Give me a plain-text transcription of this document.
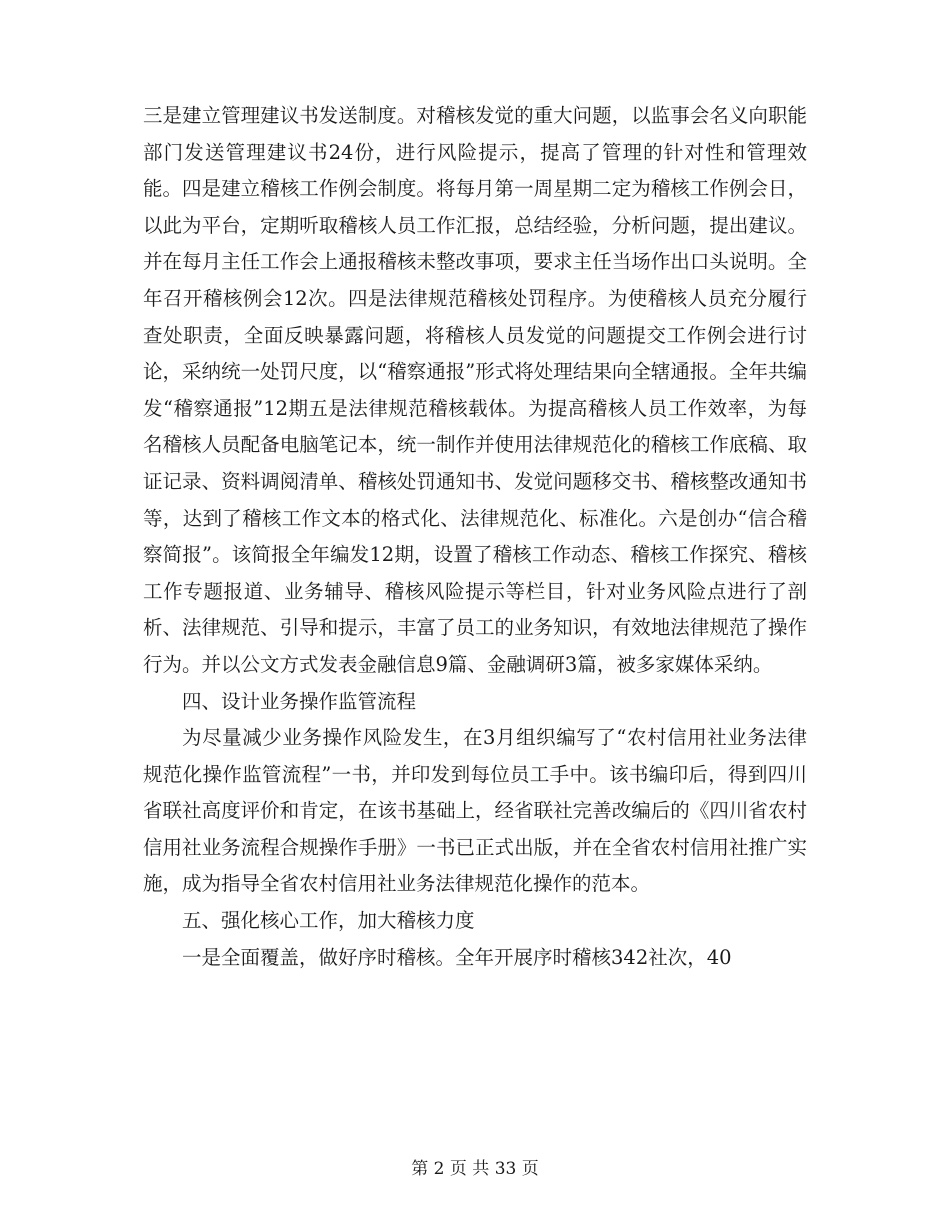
三是建立管理建议书发送制度。对稽核发觉的重大问题，以监事会名义向职能部门发送管理建议书24份，进行风险提示，提高了管理的针对性和管理效能。四是建立稽核工作例会制度。将每月第一周星期二定为稽核工作例会日，以此为平台，定期听取稽核人员工作汇报，总结经验，分析问题，提出建议。并在每月主任工作会上通报稽核未整改事项，要求主任当场作出口头说明。全年召开稽核例会12次。四是法律规范稽核处罚程序。为使稽核人员充分履行查处职责，全面反映暴露问题，将稽核人员发觉的问题提交工作例会进行讨论，采纳统一处罚尺度，以“稽察通报”形式将处理结果向全辖通报。全年共编发“稽察通报”12期五是法律规范稽核载体。为提高稽核人员工作效率，为每名稽核人员配备电脑笔记本，统一制作并使用法律规范化的稽核工作底稿、取证记录、资料调阅清单、稽核处罚通知书、发觉问题移交书、稽核整改通知书等，达到了稽核工作文本的格式化、法律规范化、标准化。六是创办“信合稽察简报”。该简报全年编发12期，设置了稽核工作动态、稽核工作探究、稽核工作专题报道、业务辅导、稽核风险提示等栏目，针对业务风险点进行了剖析、法律规范、引导和提示，丰富了员工的业务知识，有效地法律规范了操作行为。并以公文方式发表金融信息9篇、金融调研3篇，被多家媒体采纳。

四、设计业务操作监管流程

为尽量减少业务操作风险发生，在3月组织编写了“农村信用社业务法律规范化操作监管流程”一书，并印发到每位员工手中。该书编印后，得到四川省联社高度评价和肯定，在该书基础上，经省联社完善改编后的《四川省农村信用社业务流程合规操作手册》一书已正式出版，并在全省农村信用社推广实施，成为指导全省农村信用社业务法律规范化操作的范本。

五、强化核心工作，加大稽核力度

一是全面覆盖，做好序时稽核。全年开展序时稽核342社次，40

第 2 页 共 33 页
